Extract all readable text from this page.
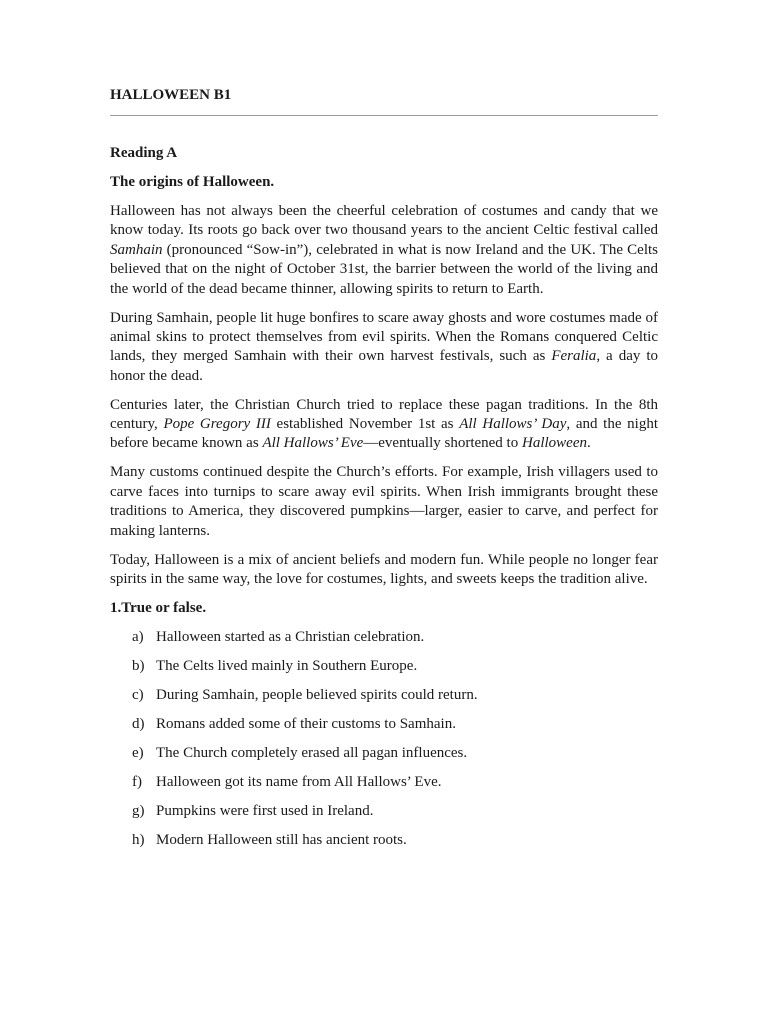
HALLOWEEN B1
Reading A
The origins of Halloween.

Halloween has not always been the cheerful celebration of costumes and candy that we know today. Its roots go back over two thousand years to the ancient Celtic festival called Samhain (pronounced “Sow-in”), celebrated in what is now Ireland and the UK. The Celts believed that on the night of October 31st, the barrier between the world of the living and the world of the dead became thinner, allowing spirits to return to Earth.

During Samhain, people lit huge bonfires to scare away ghosts and wore costumes made of animal skins to protect themselves from evil spirits. When the Romans conquered Celtic lands, they merged Samhain with their own harvest festivals, such as Feralia, a day to honor the dead.

Centuries later, the Christian Church tried to replace these pagan traditions. In the 8th century, Pope Gregory III established November 1st as All Hallows’ Day, and the night before became known as All Hallows’ Eve—eventually shortened to Halloween.

Many customs continued despite the Church’s efforts. For example, Irish villagers used to carve faces into turnips to scare away evil spirits. When Irish immigrants brought these traditions to America, they discovered pumpkins—larger, easier to carve, and perfect for making lanterns.

Today, Halloween is a mix of ancient beliefs and modern fun. While people no longer fear spirits in the same way, the love for costumes, lights, and sweets keeps the tradition alive.

1.True or false.
a) Halloween started as a Christian celebration.
b) The Celts lived mainly in Southern Europe.
c) During Samhain, people believed spirits could return.
d) Romans added some of their customs to Samhain.
e) The Church completely erased all pagan influences.
f) Halloween got its name from All Hallows’ Eve.
g) Pumpkins were first used in Ireland.
h) Modern Halloween still has ancient roots.
